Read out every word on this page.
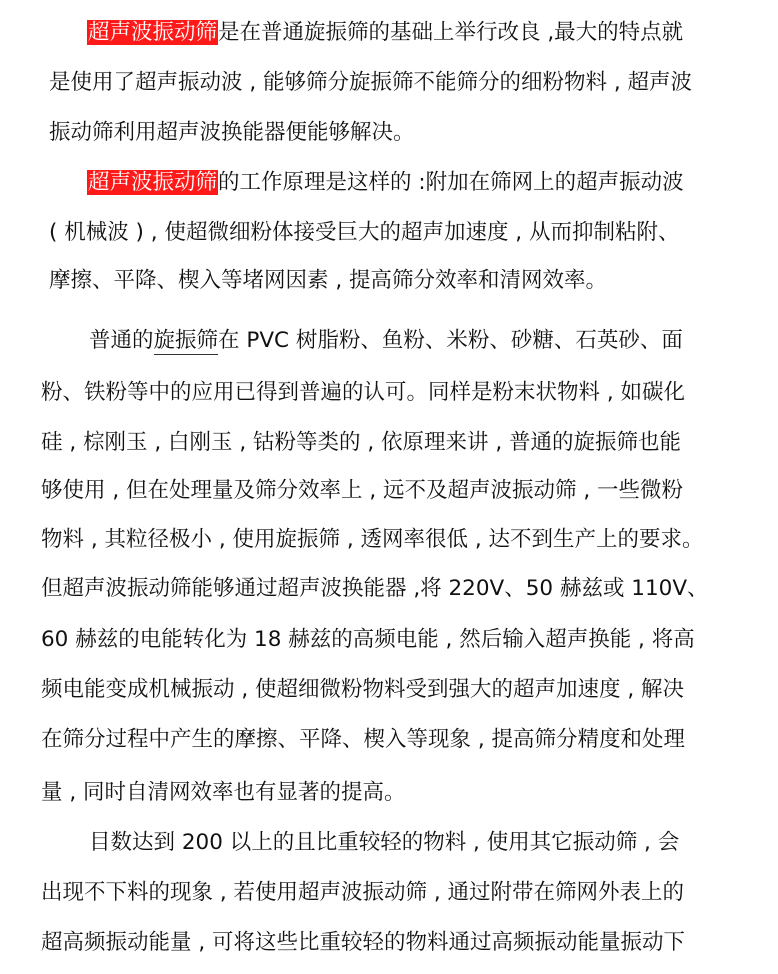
超声波振动筛是在普通旋振筛的基础上举行改良 ,最大的特点就
是使用了超声振动波 , 能够筛分旋振筛不能筛分的细粉物料 , 超声波
振动筛利用超声波换能器便能够解决。
超声波振动筛的工作原理是这样的 :附加在筛网上的超声振动波
( 机械波 ) , 使超微细粉体接受巨大的超声加速度 , 从而抑制粘附、
摩擦、平降、楔入等堵网因素 , 提高筛分效率和清网效率。
普通的旋振筛在 PVC 树脂粉、鱼粉、米粉、砂糖、石英砂、面
粉、铁粉等中的应用已得到普遍的认可。同样是粉末状物料 , 如碳化
硅 , 棕刚玉 , 白刚玉 , 钴粉等类的 , 依原理来讲 , 普通的旋振筛也能
够使用 , 但在处理量及筛分效率上 , 远不及超声波振动筛 , 一些微粉
物料 , 其粒径极小 , 使用旋振筛 , 透网率很低 , 达不到生产上的要求。
但超声波振动筛能够通过超声波换能器 ,将 220V、50 赫兹或 110V、
60 赫兹的电能转化为 18 赫兹的高频电能 , 然后输入超声换能 , 将高
频电能变成机械振动 , 使超细微粉物料受到强大的超声加速度 , 解决
在筛分过程中产生的摩擦、平降、楔入等现象 , 提高筛分精度和处理
量 , 同时自清网效率也有显著的提高。
目数达到 200 以上的且比重较轻的物料 , 使用其它振动筛 , 会
出现不下料的现象 , 若使用超声波振动筛 , 通过附带在筛网外表上的
超高频振动能量 , 可将这些比重较轻的物料通过高频振动能量振动下
